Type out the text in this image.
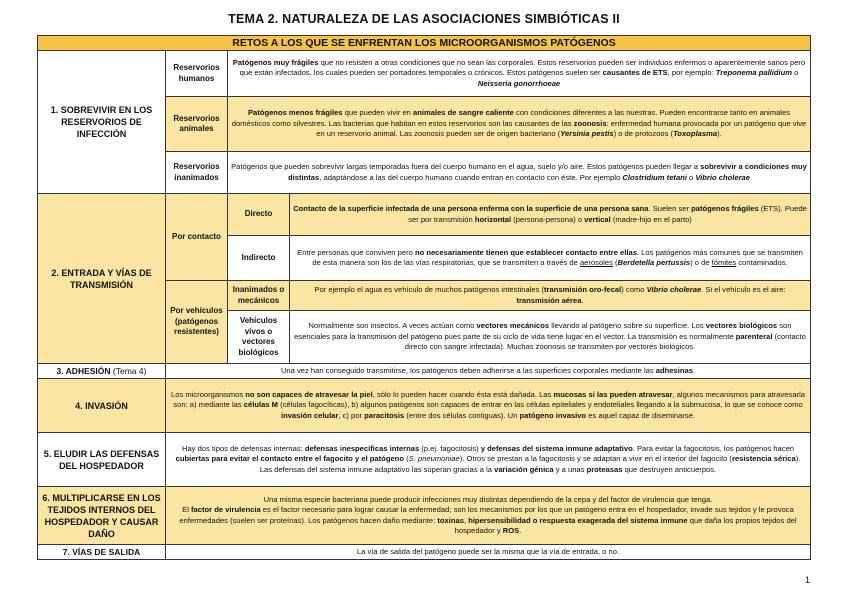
TEMA 2. NATURALEZA DE LAS ASOCIACIONES SIMBIÓTICAS II
RETOS A LOS QUE SE ENFRENTAN LOS MICROORGANISMOS PATÓGENOS			
1. SOBREVIVIR EN LOS RESERVORIOS DE INFECCIÓN	Reservorios humanos	Patógenos muy frágiles que no resisten a otras condiciones que no sean las corporales. Estos reservorios pueden ser individuos enfermos o aparentemente sanos pero que están infectados, los cuales pueden ser portadores temporales o crónicos. Estos patógenos suelen ser causantes de ETS, por ejemplo: Treponema pallidium o Neisseria gonorrhoeae	
	Reservorios animales	Patógenos menos frágiles que pueden vivir en animales de sangre caliente con condiciones diferentes a las nuestras. Pueden encontrarse tanto en animales domésticos como silvestres. Las bacterias que habitan en estos reservorios son las causantes de las zoonosis: enfermedad humana provocada por un patógeno que vive en un reservorio animal. Las zoonosis pueden ser de origen bacteriano (Yersinia pestis) o de protozoos (Toxoplasma).	
	Reservorios inanimados	Patógenos que pueden sobrevivir largas temporadas fuera del cuerpo humano en el agua, suelo y/o aire. Estos patógenos pueden llegar a sobrevivir a condiciones muy distintas, adaptándose a las del cuerpo humano cuando entran en contacto con éste. Por ejemplo Clostridium tetani o Vibrio cholerae	
2. ENTRADA Y VÍAS DE TRANSMISIÓN	Por contacto	Directo	Contacto de la superficie infectada de una persona enferma con la superficie de una persona sana. Suelen ser patógenos frágiles (ETS). Puede ser por transmisión horizontal (persona-persona) o vertical (madre-hijo en el parto)
		Indirecto	Entre personas que conviven pero no necesariamente tienen que establecer contacto entre ellas. Los patógenos más comunes que se transmiten de esta manera son los de las vías respiratorias, que se transmiten a través de aerosoles (Berdetella pertussis) o de fómites contaminados.
	Por vehículos (patógenos resistentes)	Inanimados o mecánicos	Por ejemplo el agua es vehículo de muchos patógenos intestinales (transmisión oro-fecal) como Vibrio cholerae. Si el vehículo es el aire: transmisión aérea.
		Vehículos vivos o vectores biológicos	Normalmente son insectos. A veces actúan como vectores mecánicos llevando al patógeno sobre su superficie. Los vectores biológicos son esenciales para la transmisión del patógeno pues parte de su ciclo de vida tiene lugar en el vector. La transmisión es normalmente parenteral (contacto directo con sangre infectada). Muchas zoonosis se transmiten por vectores biológicos.
3. ADHESIÓN (Tema 4)	Una vez han conseguido transmitirse, los patógenos deben adherirse a las superficies corporales mediante las adhesinas.		
4. INVASIÓN	Los microorganismos no son capaces de atravesar la piel, sólo lo pueden hacer cuando ésta está dañada. Las mucosas si las pueden atravesar, algunos mecanismos para atravesarla son: a) mediante las células M (células fagocíticas), b) algunos patógenos son capaces de entrar en las células epiteliales y endoteliales llegando a la submucosa, lo que se conoce como invasión celular, c) por paracitosis (entre dos células contiguas). Un patógeno invasivo es aquel capaz de diseminarse.		
5. ELUDIR LAS DEFENSAS DEL HOSPEDADOR	Hay dos tipos de defensas internas: defensas inespecíficas internas (p.ej. fagocitosis) y defensas del sistema inmune adaptativo. Para evitar la fagocitosis, los patógenos hacen cubiertas para evitar el contacto entre el fagocito y el patógeno (S. pneumoniae). Otros se prestan a la fagocitosis y se adaptan a vivir en el interior del fagocito (resistencia sérica). Las defensas del sistema inmune adaptativo las superan gracias a la variación génica y a unas proteasas que destruyen anticuerpos.		
6. MULTIPLICARSE EN LOS TEJIDOS INTERNOS DEL HOSPEDADOR Y CAUSAR DAÑO	Una misma especie bacteriana puede producir infecciones muy distintas dependiendo de la cepa y del factor de virulencia que tenga.
El factor de virulencia es el factor necesario para lograr causar la enfermedad; son los mecanismos por los que un patógeno entra en el hospedador, invade sus tejidos y le provoca enfermedades (suelen ser proteínas). Los patógenos hacen daño mediante: toxinas, hipersensibilidad o respuesta exagerada del sistema inmune que daña los propios tejidos del hospedador y ROS.		
7. VÍAS DE SALIDA	La vía de salida del patógeno puede ser la misma que la vía de entrada, o no.		
1
